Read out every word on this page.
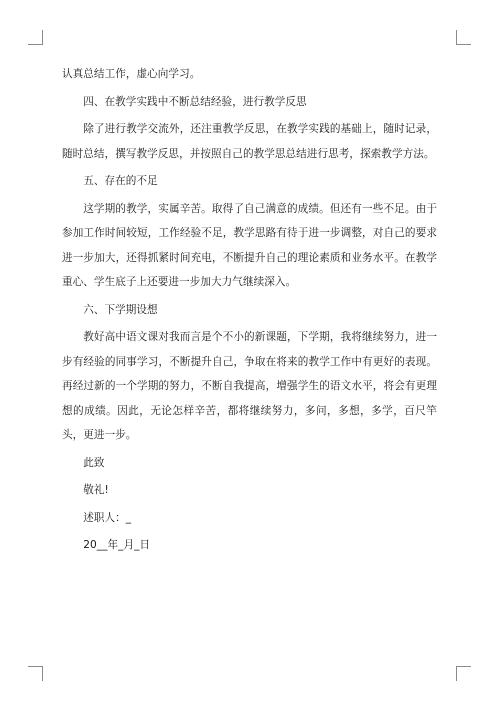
认真总结工作，虚心向学习。

四、在教学实践中不断总结经验，进行教学反思

除了进行教学交流外，还注重教学反思，在教学实践的基础上，随时记录，随时总结，撰写教学反思，并按照自己的教学思总结进行思考，探索教学方法。

五、存在的不足

这学期的教学，实属辛苦。取得了自己满意的成绩。但还有一些不足。由于参加工作时间较短，工作经验不足，教学思路有待于进一步调整，对自己的要求进一步加大，还得抓紧时间充电，不断提升自己的理论素质和业务水平。在教学重心、学生底子上还要进一步加大力气继续深入。

六、下学期设想

教好高中语文课对我而言是个不小的新课题，下学期，我将继续努力，进一步有经验的同事学习，不断提升自己，争取在将来的教学工作中有更好的表现。再经过新的一个学期的努力，不断自我提高，增强学生的语文水平，将会有更理想的成绩。因此，无论怎样辛苦，都将继续努力，多问，多想，多学，百尺竿头，更进一步。

此致

敬礼!

述职人：_

20__年_月_日
